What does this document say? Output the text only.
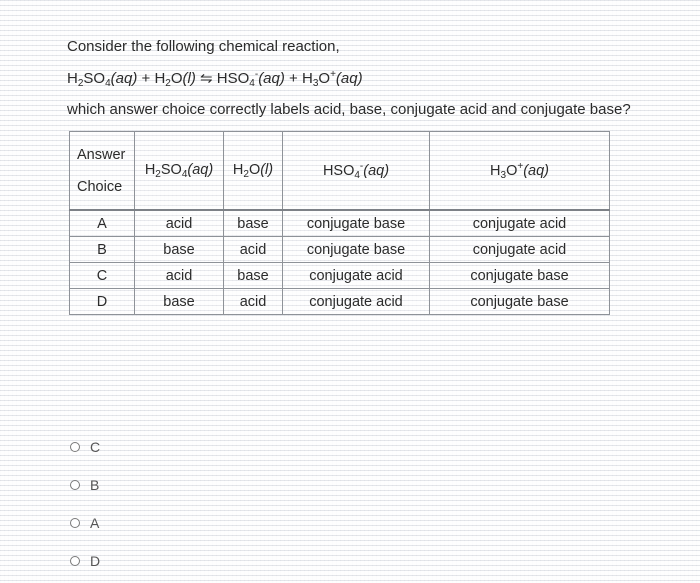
Consider the following chemical reaction,
$H_2SO_4(aq) + H_2O(l)$ ⇋ $HSO_4^-(aq) + H_3O^+(aq)$
which answer choice correctly labels acid, base, conjugate acid and conjugate base?
Answer
Choice	$H_2SO_4(aq)$	$H_2O(l)$	$HSO_4^-(aq)$	$H_3O^+(aq)$
A	acid	base	conjugate base	conjugate acid
B	base	acid	conjugate base	conjugate acid
C	acid	base	conjugate acid	conjugate base
D	base	acid	conjugate acid	conjugate base
C
B
A
D
